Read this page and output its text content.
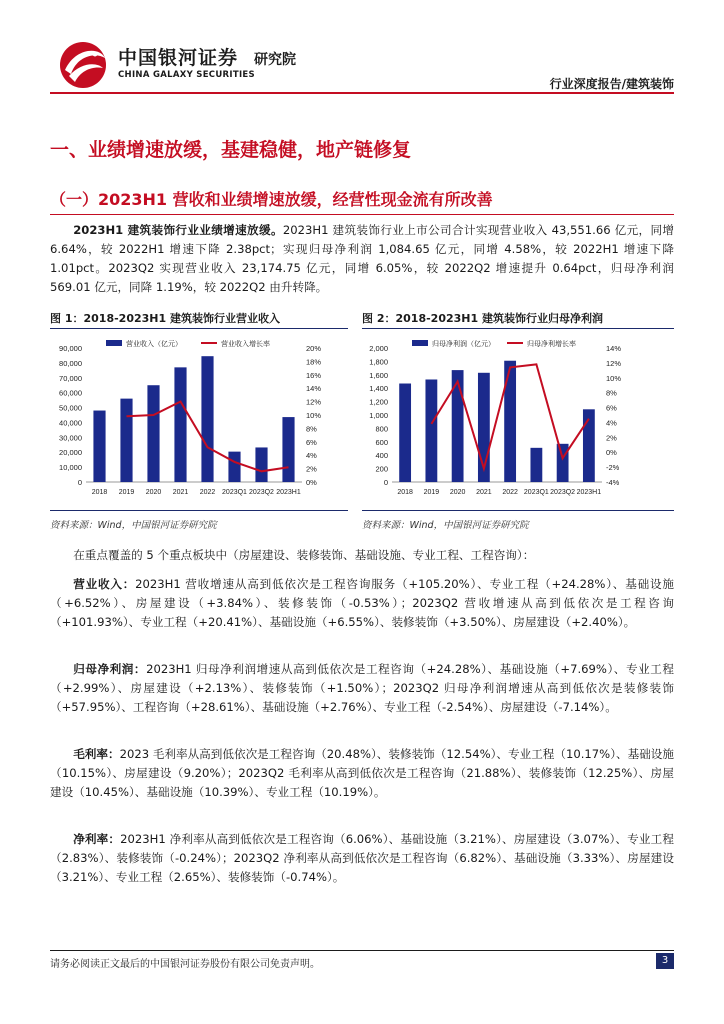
中国银河证券
CHINA GALAXY SECURITIES
研究院
行业深度报告/建筑装饰
一、业绩增速放缓，基建稳健，地产链修复
（一）2023H1 营收和业绩增速放缓，经营性现金流有所改善
2023H1 建筑装饰行业业绩增速放缓。2023H1 建筑装饰行业上市公司合计实现营业收入 43,551.66 亿元，同增 6.64%，较 2022H1 增速下降 2.38pct；实现归母净利润 1,084.65 亿元，同增 4.58%，较 2022H1 增速下降 1.01pct。2023Q2 实现营业收入 23,174.75 亿元，同增 6.05%，较 2022Q2 增速提升 0.64pct，归母净利润 569.01 亿元，同降 1.19%，较 2022Q2 由升转降。
图 1：2018-2023H1 建筑装饰行业营业收入	图 2：2018-2023H1 建筑装饰行业归母净利润
0
10,000
20,000
30,000
40,000
50,000
60,000
70,000
80,000
90,000
0%
2%
4%
6%
8%
10%
12%
14%
16%
18%
20%
2018 2019 2020 2021 2022 2023Q1 2023Q2 2023H1
营业收入（亿元）	营业收入增长率
0
200
400
600
800
1,000
1,200
1,400
1,600
1,800
2,000
-4%
-2%
0%
2%
4%
6%
8%
10%
12%
14%
2018 2019 2020 2021 2022 2023Q1 2023Q2 2023H1
归母净利润（亿元）	归母净利增长率
资料来源：Wind，中国银河证券研究院	资料来源：Wind，中国银河证券研究院
在重点覆盖的 5 个重点板块中（房屋建设、装修装饰、基础设施、专业工程、工程咨询）：
营业收入：2023H1 营收增速从高到低依次是工程咨询服务（+105.20%）、专业工程（+24.28%）、基础设施（+6.52%）、房屋建设（+3.84%）、装修装饰（-0.53%）；2023Q2 营收增速从高到低依次是工程咨询（+101.93%）、专业工程（+20.41%）、基础设施（+6.55%）、装修装饰（+3.50%）、房屋建设（+2.40%）。
归母净利润：2023H1 归母净利润增速从高到低依次是工程咨询（+24.28%）、基础设施（+7.69%）、专业工程（+2.99%）、房屋建设（+2.13%）、装修装饰（+1.50%）；2023Q2 归母净利润增速从高到低依次是装修装饰（+57.95%）、工程咨询（+28.61%）、基础设施（+2.76%）、专业工程（-2.54%）、房屋建设（-7.14%）。
毛利率：2023 毛利率从高到低依次是工程咨询（20.48%）、装修装饰（12.54%）、专业工程（10.17%）、基础设施（10.15%）、房屋建设（9.20%）；2023Q2 毛利率从高到低依次是工程咨询（21.88%）、装修装饰（12.25%）、房屋建设（10.45%）、基础设施（10.39%）、专业工程（10.19%）。
净利率：2023H1 净利率从高到低依次是工程咨询（6.06%）、基础设施（3.21%）、房屋建设（3.07%）、专业工程（2.83%）、装修装饰（-0.24%）；2023Q2 净利率从高到低依次是工程咨询（6.82%）、基础设施（3.33%）、房屋建设（3.21%）、专业工程（2.65%）、装修装饰（-0.74%）。
请务必阅读正文最后的中国银河证券股份有限公司免责声明。	3
